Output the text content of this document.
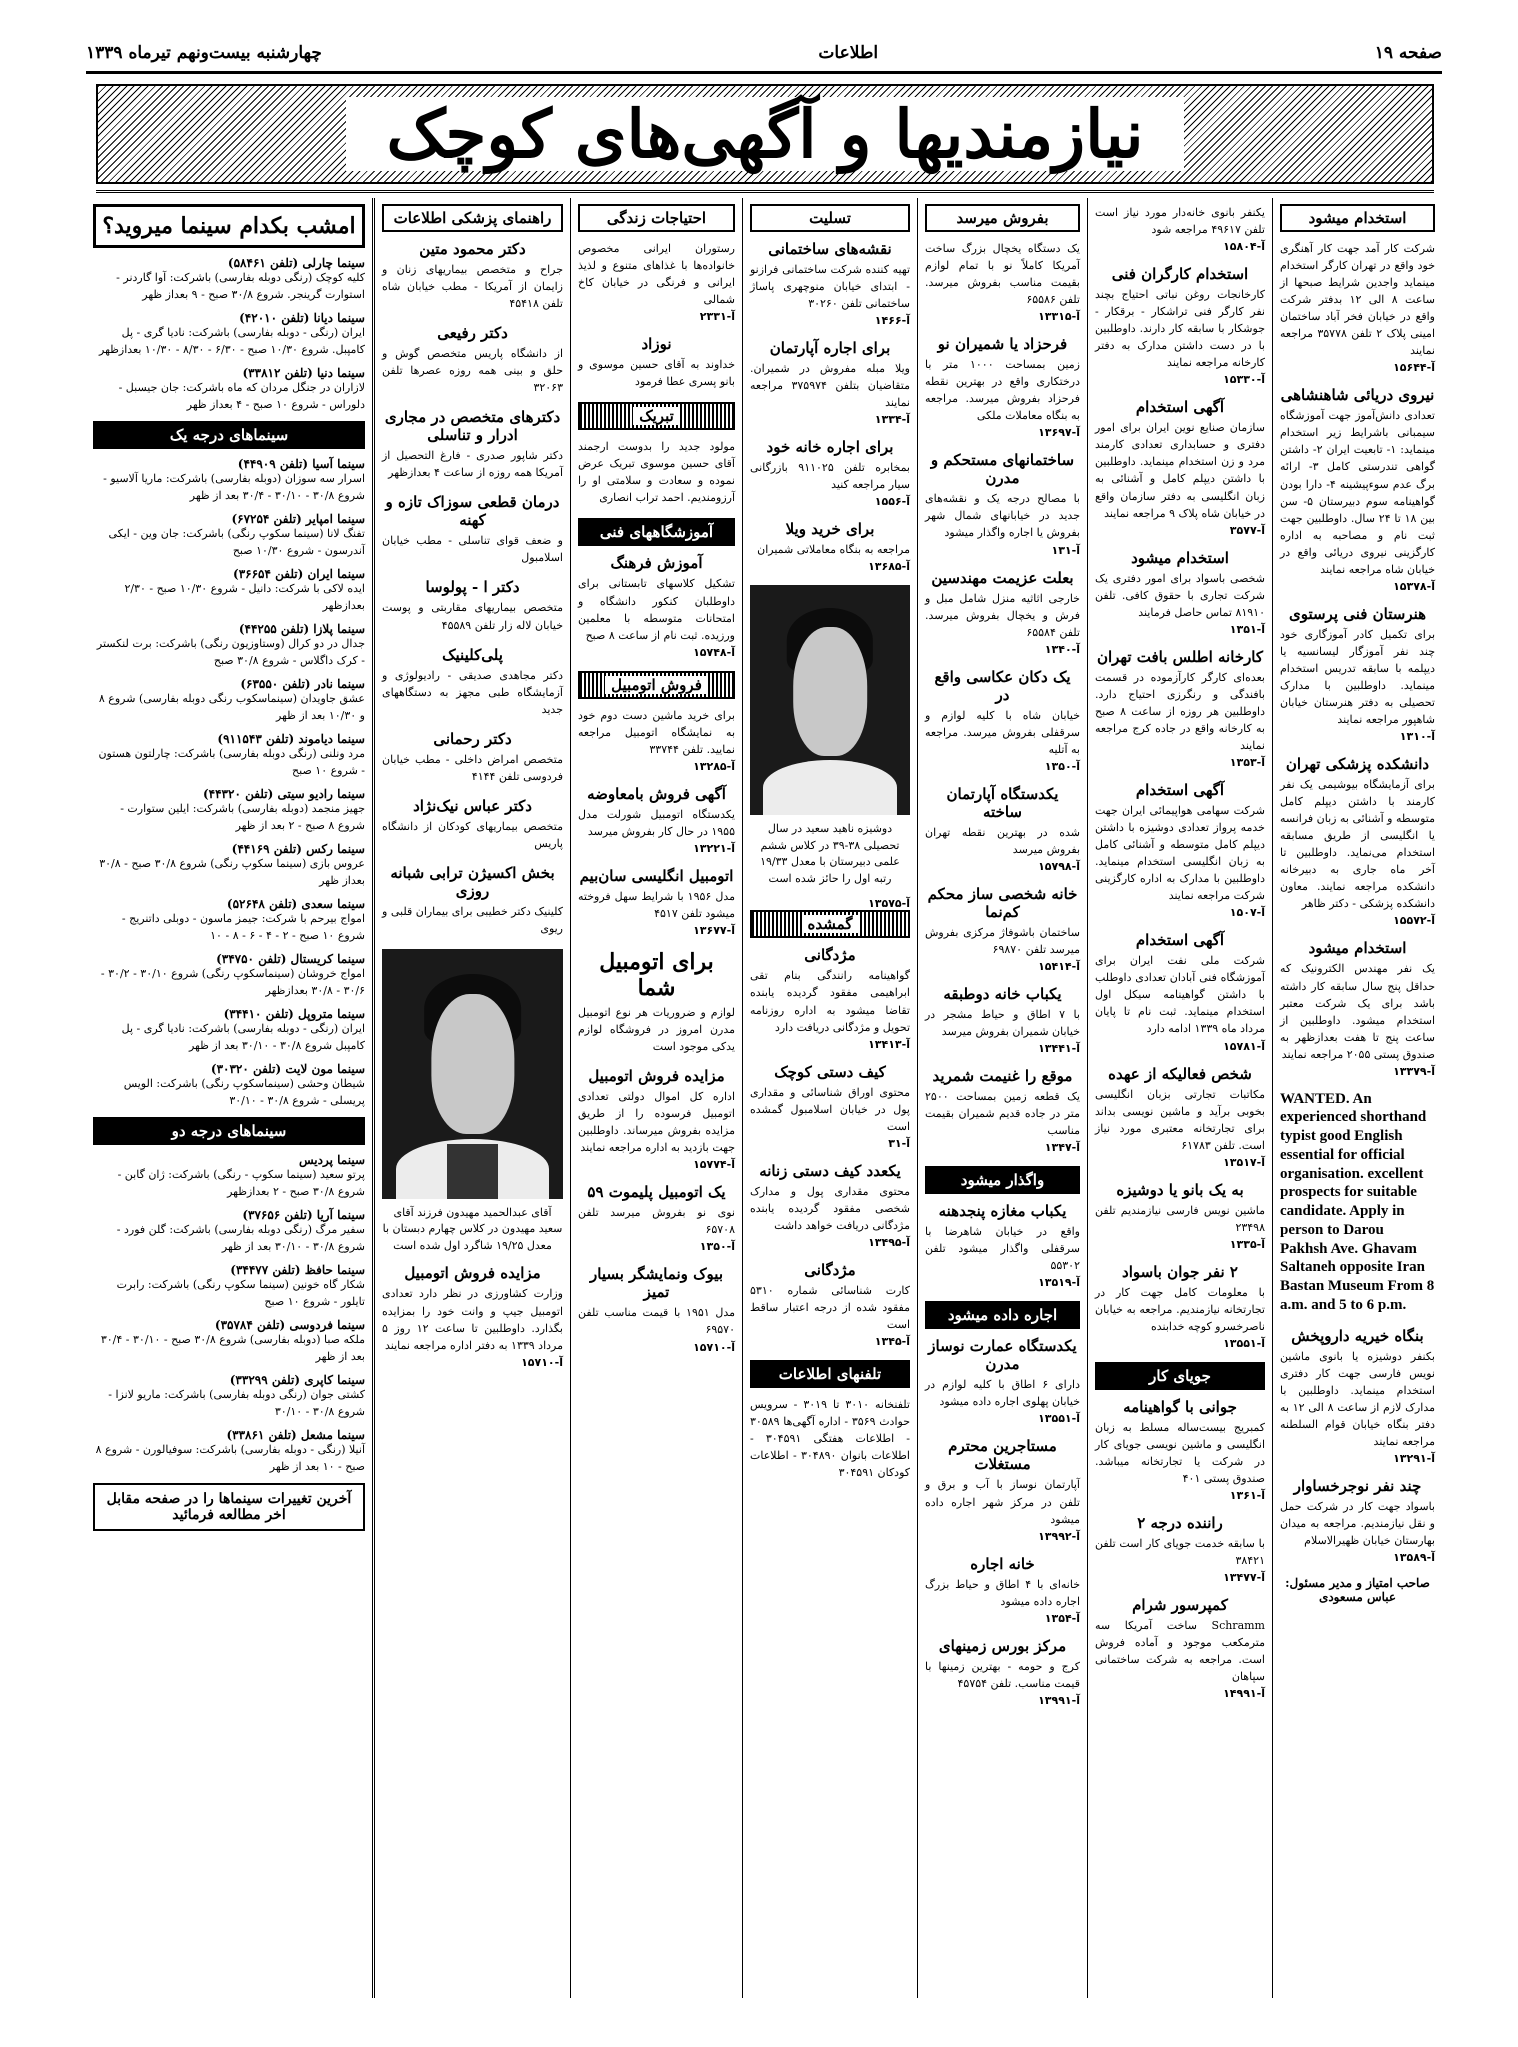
صفحه ۱۹
اطلاعات
چهارشنبه بیست‌ونهم تیرماه ۱۳۳۹
نیازمندیها و آگهی‌های کوچک
استخدام میشود
شرکت کار آمد جهت کار آهنگری خود واقع در تهران کارگر استخدام مینماید واجدین شرایط صبحها از ساعت ۸ الی ۱۲ بدفتر شرکت واقع در خیابان فخر آباد ساختمان امینی پلاک ۲ تلفن ۳۵۷۷۸ مراجعه نمایند
آ-۱۵۶۴۴
نیروی دریائی شاهنشاهی
تعدادی دانش‌آموز جهت آموزشگاه سیمبانی باشرایط زیر استخدام مینماید: ۱- تابعیت ایران ۲- داشتن گواهی تندرستی کامل ۳- ارائه برگ عدم سوءپیشینه ۴- دارا بودن گواهینامه سوم دبیرستان ۵- سن بین ۱۸ تا ۲۴ سال. داوطلبین جهت ثبت نام و مصاحبه به اداره کارگزینی نیروی دریائی واقع در خیابان شاه مراجعه نمایند
آ-۱۵۳۷۸
هنرستان فنی پرستوی
برای تکمیل کادر آموزگاری خود چند نفر آموزگار لیسانسیه یا دیپلمه با سابقه تدریس استخدام مینماید. داوطلبین با مدارک تحصیلی به دفتر هنرستان خیابان شاهپور مراجعه نمایند
آ-۱۳۱۰
دانشکده پزشکی تهران
برای آزمایشگاه بیوشیمی یک نفر کارمند با داشتن دیپلم کامل متوسطه و آشنائی به زبان فرانسه یا انگلیسی از طریق مسابقه استخدام می‌نماید. داوطلبین تا آخر ماه جاری به دبیرخانه دانشکده مراجعه نمایند. معاون دانشکده پزشکی - دکتر ظاهر
آ-۱۵۵۷۲
استخدام میشود
یک نفر مهندس الکترونیک که حداقل پنج سال سابقه کار داشته باشد برای یک شرکت معتبر استخدام میشود. داوطلبین از ساعت پنج تا هفت بعدازظهر به صندوق پستی ۲۰۵۵ مراجعه نمایند
آ-۱۳۳۷۹
WANTED. An experienced shorthand typist good English essential for official organisation. excellent prospects for suitable candidate. Apply in person to Darou Pakhsh Ave. Ghavam Saltaneh opposite Iran Bastan Museum From 8 a.m. and 5 to 6 p.m.
بنگاه خیریه داروپخش
بکنفر دوشیزه یا بانوی ماشین نویس فارسی جهت کار دفتری استخدام مینماید. داوطلبین با مدارک لازم از ساعت ۸ الی ۱۲ به دفتر بنگاه خیابان قوام السلطنه مراجعه نمایند
آ-۱۳۲۹۱
چند نفر نوجرخساوار
باسواد جهت کار در شرکت حمل و نقل نیازمندیم. مراجعه به میدان بهارستان خیابان ظهیرالاسلام
آ-۱۳۵۸۹
صاحب امتیاز و مدیر مسئول: عباس مسعودی
یکنفر بانوی خانه‌دار مورد نیاز است تلفن ۴۹۶۱۷ مراجعه شود
آ-۱۵۸۰۴
استخدام کارگران فنی
کارخانجات روغن نباتی احتیاج بچند نفر کارگر فنی تراشکار - برقکار - جوشکار با سابقه کار دارند. داوطلبین با در دست داشتن مدارک به دفتر کارخانه مراجعه نمایند
آ-۱۵۳۳۰
آگهی استخدام
سازمان صنایع نوین ایران برای امور دفتری و حسابداری تعدادی کارمند مرد و زن استخدام مینماید. داوطلبین با داشتن دیپلم کامل و آشنائی به زبان انگلیسی به دفتر سازمان واقع در خیابان شاه پلاک ۹ مراجعه نمایند
آ-۳۵۷۷
استخدام میشود
شخصی باسواد برای امور دفتری یک شرکت تجاری با حقوق کافی. تلفن ۸۱۹۱۰ تماس حاصل فرمایند
آ-۱۳۵۱
کارخانه اطلس بافت تهران
بعده‌ای کارگر کارآزموده در قسمت بافندگی و رنگرزی احتیاج دارد. داوطلبین هر روزه از ساعت ۸ صبح به کارخانه واقع در جاده کرج مراجعه نمایند
آ-۱۳۵۳
آگهی استخدام
شرکت سهامی هواپیمائی ایران جهت خدمه پرواز تعدادی دوشیزه با داشتن دیپلم کامل متوسطه و آشنائی کامل به زبان انگلیسی استخدام مینماید. داوطلبین با مدارک به اداره کارگزینی شرکت مراجعه نمایند
آ-۱۵۰۷
آگهی استخدام
شرکت ملی نفت ایران برای آموزشگاه فنی آبادان تعدادی داوطلب با داشتن گواهینامه سیکل اول استخدام مینماید. ثبت نام تا پایان مرداد ماه ۱۳۳۹ ادامه دارد
آ-۱۵۷۸۱
شخص فعالیکه از عهده
مکاتبات تجارتی بزبان انگلیسی بخوبی برآید و ماشین نویسی بداند برای تجارتخانه معتبری مورد نیاز است. تلفن ۶۱۷۸۳
آ-۱۳۵۱۷
به یک بانو یا دوشیزه
ماشین نویس فارسی نیازمندیم تلفن ۲۳۴۹۸
آ-۱۳۳۵
۲ نفر جوان باسواد
با معلومات کامل جهت کار در تجارتخانه نیازمندیم. مراجعه به خیابان ناصرخسرو کوچه خدابنده
آ-۱۳۵۵۱
جویای کار
جوانی با گواهینامه
کمبریج بیست‌ساله مسلط به زبان انگلیسی و ماشین نویسی جویای کار در شرکت یا تجارتخانه میباشد. صندوق پستی ۴۰۱
آ-۱۳۶۱
راننده درجه ۲
با سابقه خدمت جویای کار است تلفن ۳۸۴۲۱
آ-۱۳۴۷۷
کمپرسور شرام
Schramm ساخت آمریکا سه مترمکعب موجود و آماده فروش است. مراجعه به شرکت ساختمانی سپاهان
آ-۱۴۹۹۱
بفروش میرسد
یک دستگاه یخچال بزرگ ساخت آمریکا کاملاً نو با تمام لوازم بقیمت مناسب بفروش میرسد. تلفن ۶۵۵۸۶
آ-۱۳۳۱۵
فرحزاد یا شمیران نو
زمین بمساحت ۱۰۰۰ متر با درختکاری واقع در بهترین نقطه فرحزاد بفروش میرسد. مراجعه به بنگاه معاملات ملکی
آ-۱۳۶۹۷
ساختمانهای مستحکم و مدرن
با مصالح درجه یک و نقشه‌های جدید در خیابانهای شمال شهر بفروش یا اجاره واگذار میشود
آ-۱۳۱
بعلت عزیمت مهندسین
خارجی اثاثیه منزل شامل مبل و فرش و یخچال بفروش میرسد. تلفن ۶۵۵۸۴
آ-۱۳۴۰
یک دکان عکاسی واقع در
خیابان شاه با کلیه لوازم و سرقفلی بفروش میرسد. مراجعه به آتلیه
آ-۱۳۵۰
یکدستگاه آپارتمان ساخته
شده در بهترین نقطه تهران بفروش میرسد
آ-۱۵۷۹۸
خانه شخصی ساز محکم کم‌نما
ساختمان باشوفاژ مرکزی بفروش میرسد تلفن ۶۹۸۷۰
آ-۱۵۴۱۴
یکباب خانه دوطبقه
با ۷ اطاق و حیاط مشجر در خیابان شمیران بفروش میرسد
آ-۱۳۴۴۱
موقع را غنیمت شمرید
یک قطعه زمین بمساحت ۲۵۰۰ متر در جاده قدیم شمیران بقیمت مناسب
آ-۱۳۴۷
واگذار میشود
یکباب مغازه پنجدهنه
واقع در خیابان شاهرضا با سرقفلی واگذار میشود تلفن ۵۵۳۰۲
آ-۱۳۵۱۹
اجاره داده میشود
یکدستگاه عمارت نوساز مدرن
دارای ۶ اطاق با کلیه لوازم در خیابان پهلوی اجاره داده میشود
آ-۱۳۵۵۱
مستاجرین محترم مستغلات
آپارتمان نوساز با آب و برق و تلفن در مرکز شهر اجاره داده میشود
آ-۱۳۹۹۲
خانه اجاره
خانه‌ای با ۴ اطاق و حیاط بزرگ اجاره داده میشود
آ-۱۳۵۴
مرکز بورس زمینهای
کرج و حومه - بهترین زمینها با قیمت مناسب. تلفن ۴۵۷۵۴
آ-۱۳۹۹۱
تسلیت
نقشه‌های ساختمانی
تهیه کننده شرکت ساختمانی فرازنو - ابتدای خیابان منوچهری پاساژ ساختمانی تلفن ۳۰۲۶۰
آ-۱۴۶۶
برای اجاره آپارتمان
ویلا مبله مفروش در شمیران. متقاضیان بتلفن ۳۷۵۹۷۴ مراجعه نمایند
آ-۱۳۳۴
برای اجاره خانه خود
بمخابره تلفن ۹۱۱۰۲۵ بازرگانی سیار مراجعه کنید
آ-۱۵۵۶
برای خرید ویلا
مراجعه به بنگاه معاملاتی شمیران
آ-۱۳۶۸۵
دوشیزه ناهید سعید در سال تحصیلی ۳۸-۳۹ در کلاس ششم علمی دبیرستان با معدل ۱۹/۳۳ رتبه اول را حائز شده است
آ-۱۳۵۷۵
گمشده
مژدگانی
گواهینامه رانندگی بنام تقی ابراهیمی مفقود گردیده یابنده تقاضا میشود به اداره روزنامه تحویل و مژدگانی دریافت دارد
آ-۱۳۴۱۳
کیف دستی کوچک
محتوی اوراق شناسائی و مقداری پول در خیابان اسلامبول گمشده است
آ-۳۱
یکعدد کیف دستی زنانه
محتوی مقداری پول و مدارک شخصی مفقود گردیده یابنده مژدگانی دریافت خواهد داشت
آ-۱۳۴۹۵
مژدگانی
کارت شناسائی شماره ۵۳۱۰ مفقود شده از درجه اعتبار ساقط است
آ-۱۳۴۵
تلفنهای اطلاعات
تلفنخانه ۳۰۱۰ تا ۳۰۱۹ - سرویس حوادث ۳۵۶۹ - اداره آگهی‌ها ۳۰۵۸۹ - اطلاعات هفتگی ۳۰۴۵۹۱ - اطلاعات بانوان ۳۰۴۸۹۰ - اطلاعات کودکان ۳۰۴۵۹۱
احتیاجات زندگی
رستوران ایرانی مخصوص خانواده‌ها با غذاهای متنوع و لذیذ ایرانی و فرنگی در خیابان کاخ شمالی
آ-۲۳۳۱
نوزاد
خداوند به آقای حسین موسوی و بانو پسری عطا فرمود
تبریک
مولود جدید را بدوست ارجمند آقای حسین موسوی تبریک عرض نموده و سعادت و سلامتی او را آرزومندیم. احمد تراب انصاری
آموزشگاههای فنی
آموزش فرهنگ
تشکیل کلاسهای تابستانی برای داوطلبان کنکور دانشگاه و امتحانات متوسطه با معلمین ورزیده. ثبت نام از ساعت ۸ صبح
آ-۱۵۷۴۸
فروش اتومبیل
برای خرید ماشین دست دوم خود به نمایشگاه اتومبیل مراجعه نمایید. تلفن ۳۳۷۴۴
آ-۱۳۲۸۵
آگهی فروش بامعاوضه
یکدستگاه اتومبیل شورلت مدل ۱۹۵۵ در حال کار بفروش میرسد
آ-۱۳۲۲۱
اتومبیل انگلیسی سان‌بیم
مدل ۱۹۵۶ با شرایط سهل فروخته میشود تلفن ۴۵۱۷
آ-۱۳۶۷۷
برای اتومبیل شما
لوازم و ضروریات هر نوع اتومبیل مدرن امروز در فروشگاه لوازم یدکی موجود است
مزایده فروش اتومبیل
اداره کل اموال دولتی تعدادی اتومبیل فرسوده را از طریق مزایده بفروش میرساند. داوطلبین جهت بازدید به اداره مراجعه نمایند
آ-۱۵۷۷۴
یک اتومبیل پلیموت ۵۹
نوی نو بفروش میرسد تلفن ۶۵۷۰۸
آ-۱۳۵۰
بیوک ونمایشگر بسیار تمیز
مدل ۱۹۵۱ با قیمت مناسب تلفن ۶۹۵۷۰
آ-۱۵۷۱۰
راهنمای پزشکی اطلاعات
دکتر محمود متین
جراح و متخصص بیماریهای زنان و زایمان از آمریکا - مطب خیابان شاه تلفن ۴۵۴۱۸
دکتر رفیعی
از دانشگاه پاریس متخصص گوش و حلق و بینی همه روزه عصرها تلفن ۳۲۰۶۳
دکترهای متخصص در مجاری ادرار و تناسلی
دکتر شاپور صدری - فارغ التحصیل از آمریکا همه روزه از ساعت ۴ بعدازظهر
درمان قطعی سوزاک تازه و کهنه
و ضعف قوای تناسلی - مطب خیابان اسلامبول
دکتر ا - پولوسا
متخصص بیماریهای مقاربتی و پوست خیابان لاله زار تلفن ۴۵۵۸۹
پلی‌کلینیک
دکتر مجاهدی صدیقی - رادیولوژی و آزمایشگاه طبی مجهز به دستگاههای جدید
دکتر رحمانی
متخصص امراض داخلی - مطب خیابان فردوسی تلفن ۴۱۴۴
دکتر عباس نیک‌نژاد
متخصص بیماریهای کودکان از دانشگاه پاریس
بخش اکسیژن ترابی شبانه روزی
کلینیک دکتر خطیبی برای بیماران قلبی و ریوی
آقای عبدالحمید مهیدون فرزند آقای سعید مهیدون در کلاس چهارم دبستان با معدل ۱۹/۲۵ شاگرد اول شده است
مزایده فروش اتومبیل
وزارت کشاورزی در نظر دارد تعدادی اتومبیل جیپ و وانت خود را بمزایده بگذارد. داوطلبین تا ساعت ۱۲ روز ۵ مرداد ۱۳۳۹ به دفتر اداره مراجعه نمایند
آ-۱۵۷۱۰
امشب بکدام سینما میروید؟
سینما چارلی (تلفن ۵۸۴۶۱)
کلیه کوچک (رنگی دوبله بفارسی) باشرکت: آوا گاردنر - استوارت گرینجر. شروع ۳۰/۸ صبح - ۹ بعداز ظهر
سینما دیانا (تلفن ۴۲۰۱۰)
ایران (رنگی - دوبله بفارسی) باشرکت: نادیا گری - پل کامپبل. شروع ۱۰/۳۰ صبح - ۶/۳۰ - ۸/۳۰ - ۱۰/۳۰ بعدازظهر
سینما دنیا (تلفن ۳۳۸۱۲)
لازاران در جنگل مردان که ماه باشرکت: جان جیسبل - دلوراس - شروع ۱۰ صبح - ۴ بعداز ظهر
سینماهای درجه یک
سینما آسیا (تلفن ۴۴۹۰۹)
اسرار سه سوزان (دوبله بفارسی) باشرکت: ماریا آلاسیو - شروع ۳۰/۸ - ۳۰/۱۰ - ۳۰/۴ بعد از ظهر
سینما امپایر (تلفن ۶۷۲۵۴)
تفنگ لانا (سینما سکوپ رنگی) باشرکت: جان وین - ایکی آندرسون - شروع ۱۰/۳۰ صبح
سینما ایران (تلفن ۳۶۶۵۴)
ایده لاکی با شرکت: دانیل - شروع ۱۰/۳۰ صبح - ۲/۳۰ بعدازظهر
سینما پلازا (تلفن ۴۴۲۵۵)
جدال در دو کرال (وستاوزیون رنگی) باشرکت: برت لنکستر - کرک داگلاس - شروع ۳۰/۸ صبح
سینما نادر (تلفن ۶۳۵۵۰)
عشق جاویدان (سینماسکوب رنگی دوبله بفارسی) شروع ۸ و ۱۰/۳۰ بعد از ظهر
سینما دیاموند (تلفن ۹۱۱۵۴۳)
مرد ونلنی (رنگی دوبله بفارسی) باشرکت: چارلتون هستون - شروع ۱۰ صبح
سینما رادیو سیتی (تلفن ۴۴۳۲۰)
جهیز منجمد (دوبله بفارسی) باشرکت: ایلین ستوارت - شروع ۸ صبح - ۲ بعد از ظهر
سینما رکس (تلفن ۴۴۱۶۹)
عروس بازی (سینما سکوپ رنگی) شروع ۳۰/۸ صبح - ۳۰/۸ بعداز ظهر
سینما سعدی (تلفن ۵۲۶۴۸)
امواج بیرحم با شرکت: جیمز ماسون - دوبلی داتنریج - شروع ۱۰ صبح - ۲ - ۴ - ۶ - ۸ - ۱۰
سینما کریستال (تلفن ۳۴۷۵۰)
امواج خروشان (سینماسکوپ رنگی) شروع ۳۰/۱۰ - ۳۰/۲ - ۳۰/۶ - ۳۰/۸ بعدازظهر
سینما متروپل (تلفن ۳۴۴۱۰)
ایران (رنگی - دوبله بفارسی) باشرکت: نادیا گری - پل کامپبل شروع ۳۰/۸ - ۳۰/۱۰ بعد از ظهر
سینما مون لایت (تلفن ۳۰۳۲۰)
شیطان وحشی (سینماسکوپ رنگی) باشرکت: الویس پریسلی - شروع ۳۰/۸ - ۳۰/۱۰
سینماهای درجه دو
سینما پردیس
پرتو سعید (سینما سکوپ - رنگی) باشرکت: ژان گابن - شروع ۳۰/۸ صبح - ۲ بعدازظهر
سینما آریا (تلفن ۳۷۶۵۶)
سفیر مرگ (رنگی دوبله بفارسی) باشرکت: گلن فورد - شروع ۳۰/۸ - ۳۰/۱۰ بعد از ظهر
سینما حافظ (تلفن ۳۴۴۷۷)
شکار گاه خونین (سینما سکوپ رنگی) باشرکت: رابرت تایلور - شروع ۱۰ صبح
سینما فردوسی (تلفن ۳۵۷۸۴)
ملکه صبا (دوبله بفارسی) شروع ۳۰/۸ صبح - ۳۰/۱۰ - ۳۰/۴ بعد از ظهر
سینما کاپری (تلفن ۳۳۲۹۹)
کشتی جوان (رنگی دوبله بفارسی) باشرکت: ماریو لانزا - شروع ۳۰/۸ - ۳۰/۱۰
سینما مشعل (تلفن ۳۳۸۶۱)
آنیلا (رنگی - دوبله بفارسی) باشرکت: سوفیالورن - شروع ۸ صبح - ۱۰ بعد از ظهر
آخرین تغییرات سینماها را در صفحه مقابل اخر مطالعه فرمائید
